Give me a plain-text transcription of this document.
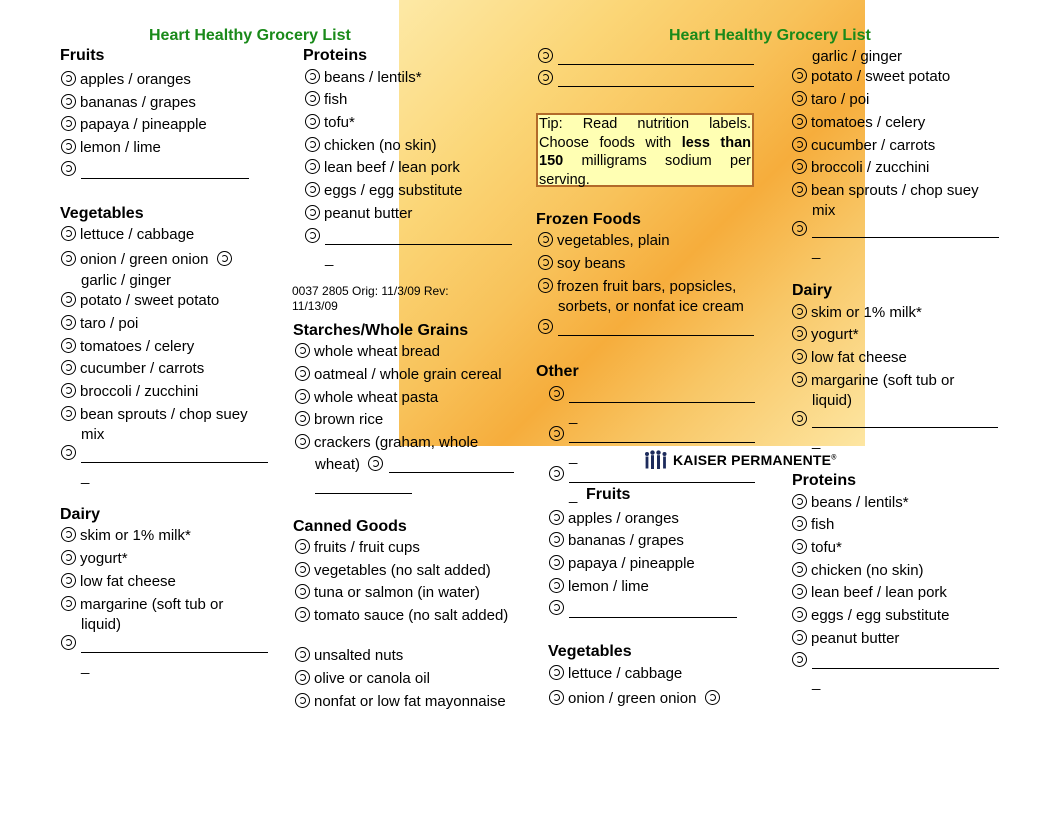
Heart Healthy Grocery List
Fruits
apples / oranges
bananas / grapes
papaya / pineapple
lemon / lime
Vegetables
lettuce / cabbage
onion / green onion
garlic / ginger
potato / sweet potato
taro / poi
tomatoes / celery
cucumber / carrots
broccoli / zucchini
bean sprouts / chop suey
mix
_
Dairy
skim or 1% milk*
yogurt*
low fat cheese
margarine (soft tub or
liquid)
_
Proteins
beans / lentils*
fish
tofu*
chicken (no skin)
lean beef / lean pork
eggs / egg substitute
peanut butter
_
0037 2805 Orig: 11/3/09 Rev: 11/13/09
Starches/Whole Grains
whole wheat bread
oatmeal / whole grain cereal
whole wheat pasta
brown rice
crackers (graham, whole
wheat)
Canned Goods
fruits / fruit cups
vegetables (no salt added)
tuna or salmon (in water)
tomato sauce (no salt added)
unsalted nuts
olive or canola oil
nonfat or low fat mayonnaise
Heart Healthy Grocery List
Tip: Read nutrition labels. Choose foods with less than 150 milligrams sodium per serving.
Frozen Foods
vegetables, plain
soy beans
frozen fruit bars, popsicles,
sorbets, or nonfat ice cream
Other
_
_
_
KAISER PERMANENTE®
Fruits
apples / oranges
bananas / grapes
papaya / pineapple
lemon / lime
Vegetables
lettuce / cabbage
onion / green onion
garlic / ginger
potato / sweet potato
taro / poi
tomatoes / celery
cucumber / carrots
broccoli / zucchini
bean sprouts / chop suey
mix
_
Dairy
skim or 1% milk*
yogurt*
low fat cheese
margarine (soft tub or
liquid)
_
Proteins
beans / lentils*
fish
tofu*
chicken (no skin)
lean beef / lean pork
eggs / egg substitute
peanut butter
_
